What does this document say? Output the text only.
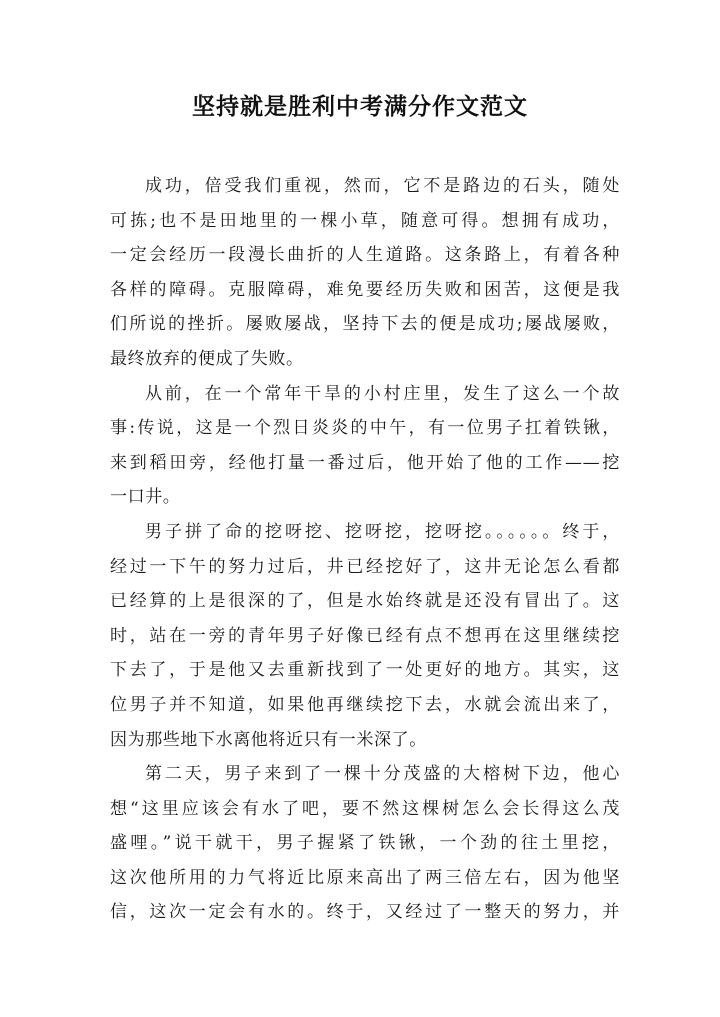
坚持就是胜利中考满分作文范文
成功，倍受我们重视，然而，它不是路边的石头，随处
可拣;也不是田地里的一棵小草，随意可得。想拥有成功，
一定会经历一段漫长曲折的人生道路。这条路上，有着各种
各样的障碍。克服障碍，难免要经历失败和困苦，这便是我
们所说的挫折。屡败屡战，坚持下去的便是成功;屡战屡败，
最终放弃的便成了失败。
从前，在一个常年干旱的小村庄里，发生了这么一个故
事:传说，这是一个烈日炎炎的中午，有一位男子扛着铁锹，
来到稻田旁，经他打量一番过后，他开始了他的工作——挖
一口井。
男子拼了命的挖呀挖、挖呀挖，挖呀挖。。。。。。终于，
经过一下午的努力过后，井已经挖好了，这井无论怎么看都
已经算的上是很深的了，但是水始终就是还没有冒出了。这
时，站在一旁的青年男子好像已经有点不想再在这里继续挖
下去了，于是他又去重新找到了一处更好的地方。其实，这
位男子并不知道，如果他再继续挖下去，水就会流出来了，
因为那些地下水离他将近只有一米深了。
第二天，男子来到了一棵十分茂盛的大榕树下边，他心
想“这里应该会有水了吧，要不然这棵树怎么会长得这么茂
盛哩。”说干就干，男子握紧了铁锹，一个劲的往土里挖，
这次他所用的力气将近比原来高出了两三倍左右，因为他坚
信，这次一定会有水的。终于，又经过了一整天的努力，并
